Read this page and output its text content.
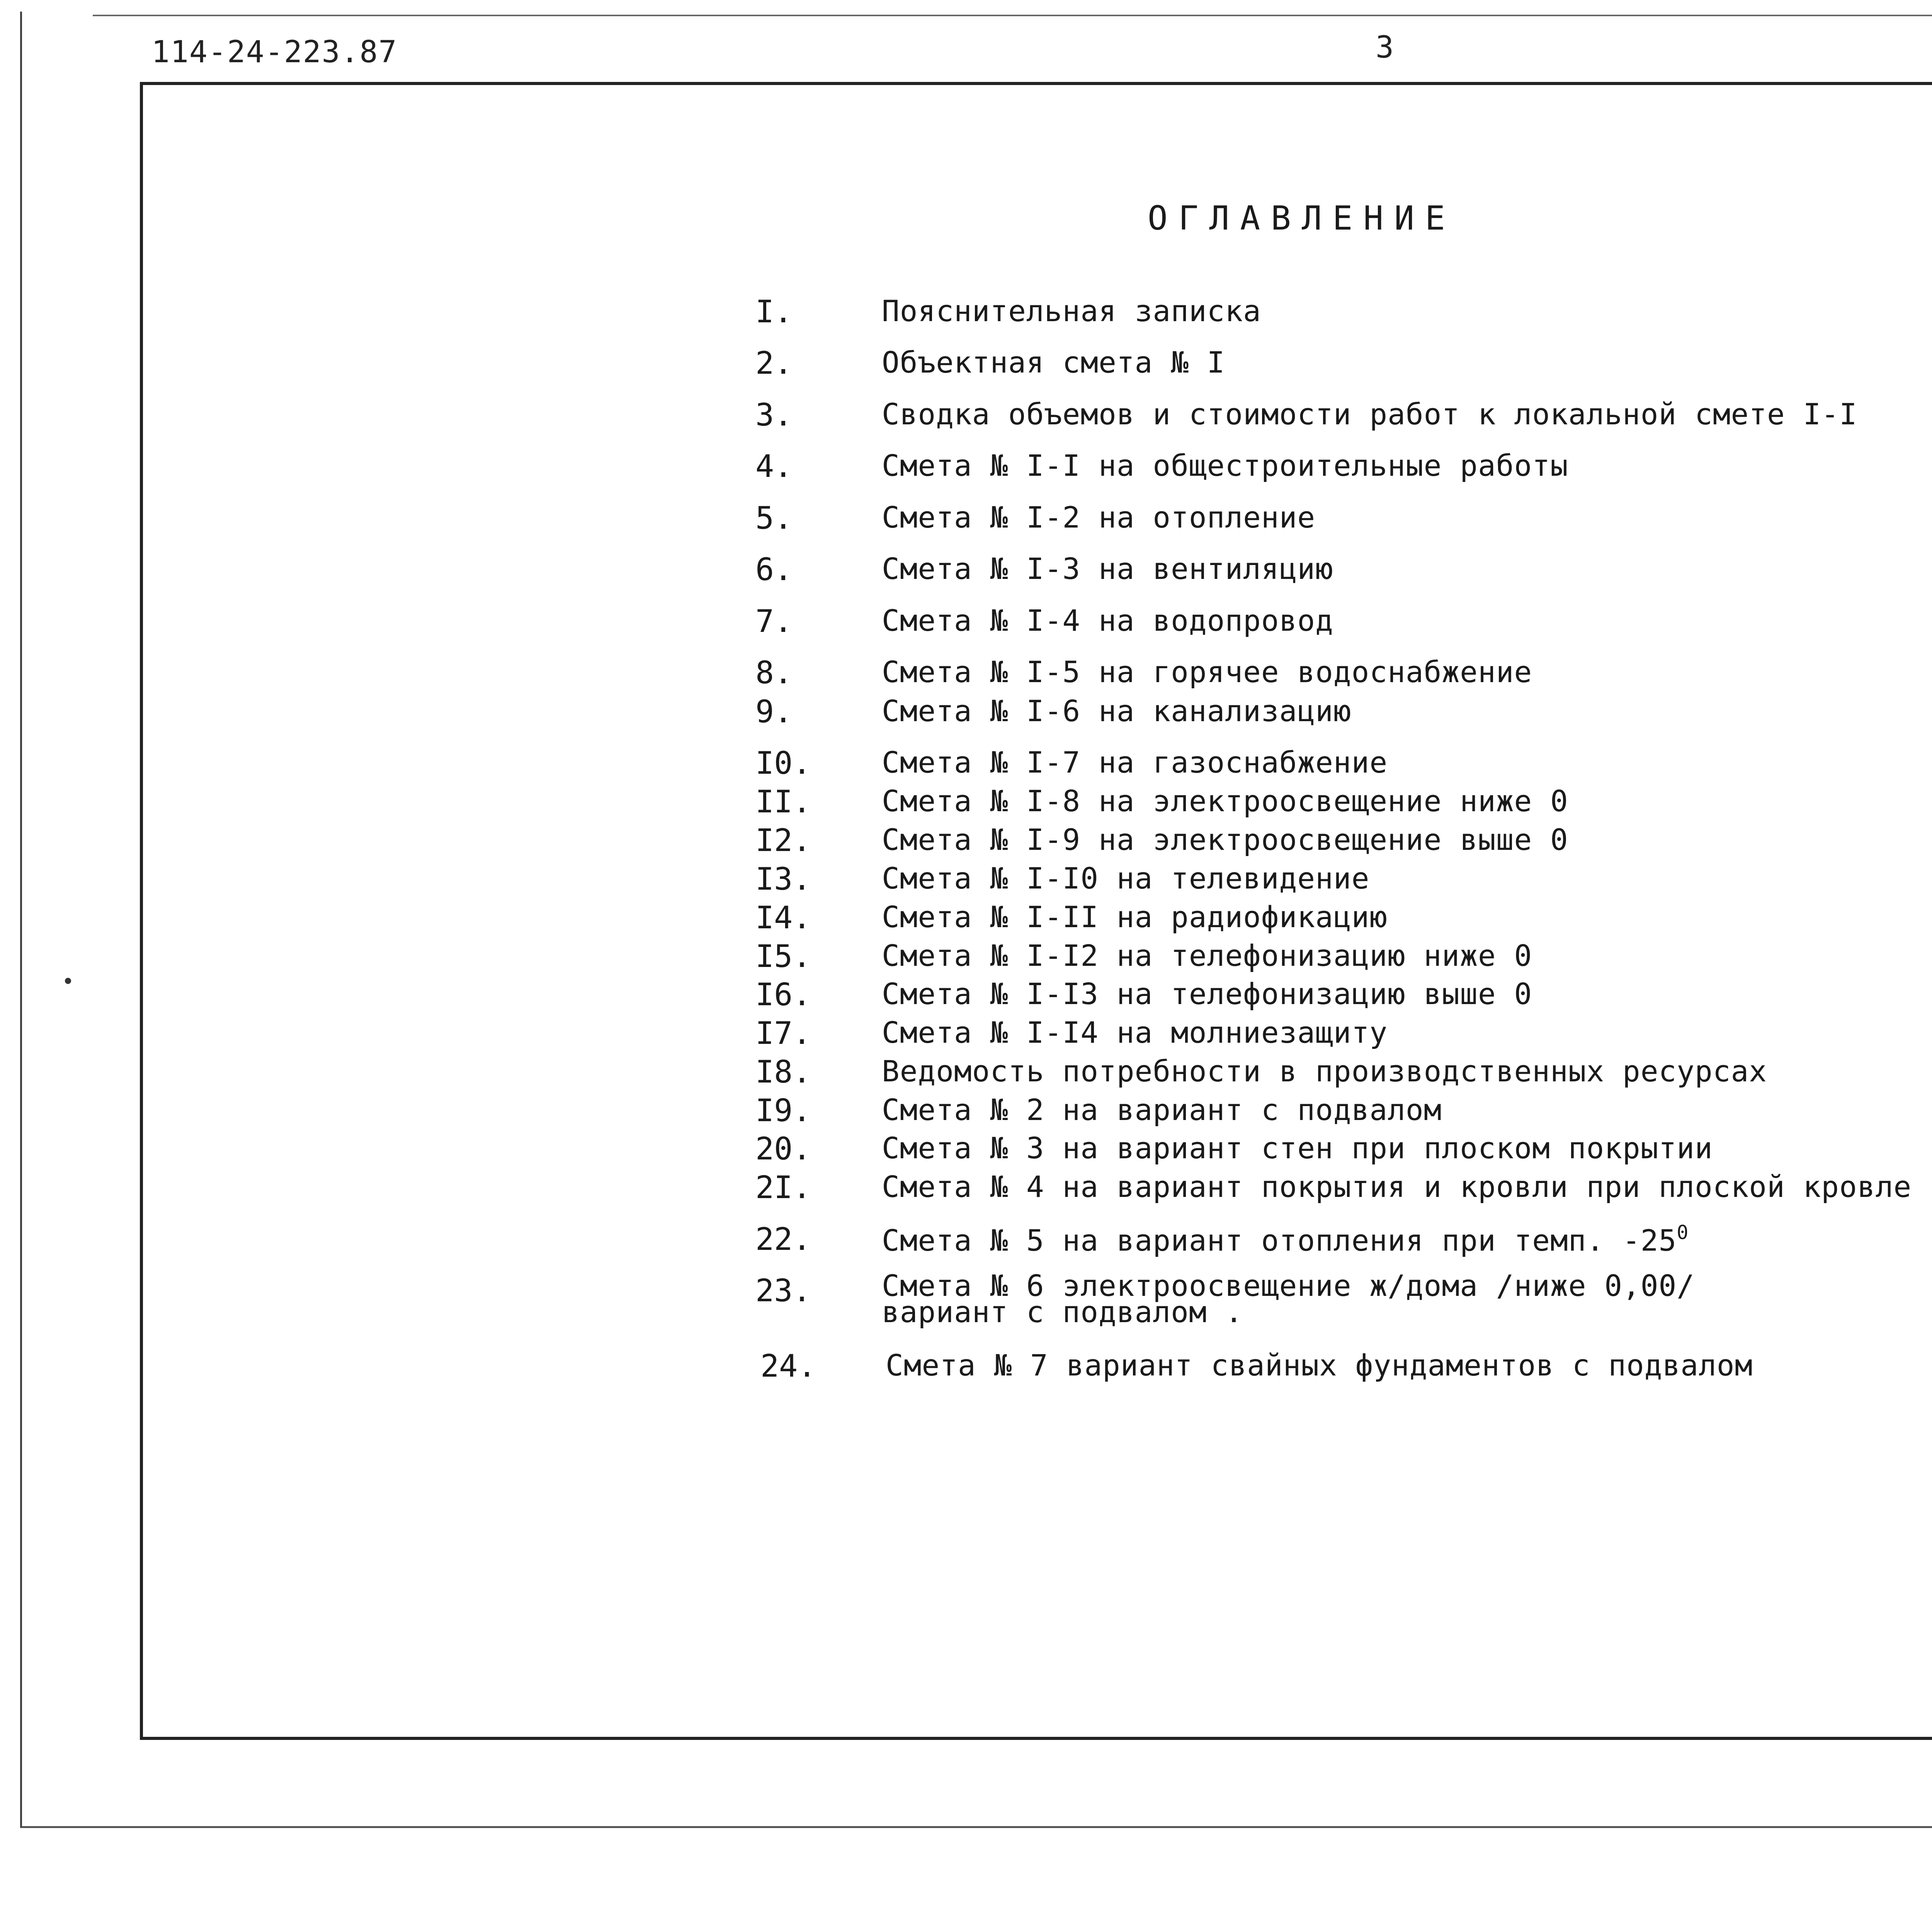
114-24-223.87	3
ОГЛАВЛЕНИЕ
I.	Пояснительная записка
2.	Объектная смета № I
3.	Сводка объемов и стоимости работ к локальной смете I-I
4.	Смета № I-I на общестроительные работы
5.	Смета № I-2 на отопление
6.	Смета № I-3 на вентиляцию
7.	Смета № I-4 на водопровод
8.	Смета № I-5 на горячее водоснабжение
9.	Смета № I-6 на канализацию
I0. Смета № I-7 на газоснабжение
II. Смета № I-8 на электроосвещение ниже 0
I2. Смета № I-9 на электроосвещение выше 0
I3. Смета № I-I0 на телевидение
I4. Смета № I-II на радиофикацию
I5. Смета № I-I2 на телефонизацию ниже 0
I6. Смета № I-I3 на телефонизацию выше 0
I7. Смета № I-I4 на молниезащиту
I8. Ведомость потребности в производственных ресурсах
I9. Смета № 2 на вариант с подвалом
20. Смета № 3 на вариант стен при плоском покрытии
2I. Смета № 4 на вариант покрытия и кровли при плоской кровле
22. Смета № 5 на вариант отопления при темп. $-25^0$
23. Смета № 6 электроосвещение ж/дома /ниже 0,00/
вариант с подвалом .
24. Смета № 7 вариант свайных фундаментов с подвалом
